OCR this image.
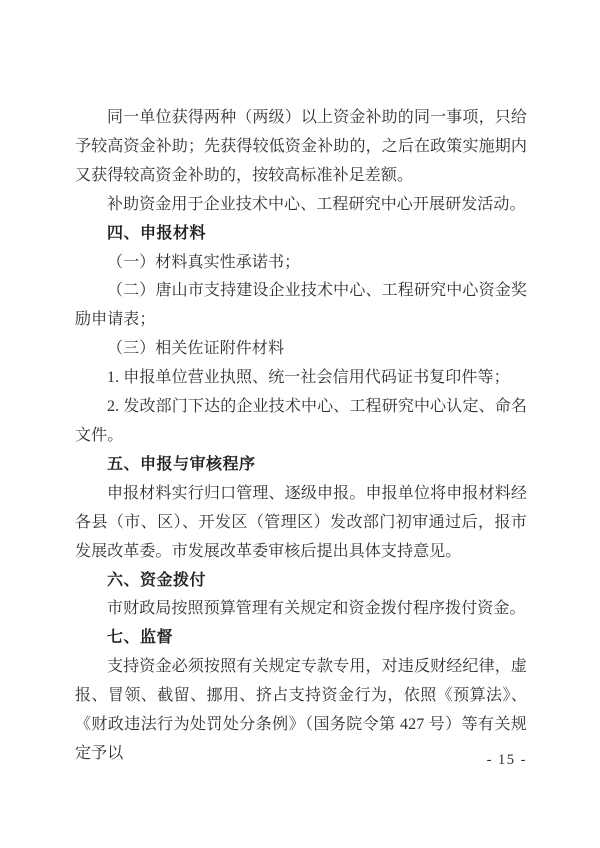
同一单位获得两种（两级）以上资金补助的同一事项，只给予较高资金补助；先获得较低资金补助的，之后在政策实施期内又获得较高资金补助的，按较高标准补足差额。

补助资金用于企业技术中心、工程研究中心开展研发活动。

四、申报材料

（一）材料真实性承诺书；

（二）唐山市支持建设企业技术中心、工程研究中心资金奖励申请表；

（三）相关佐证附件材料

1. 申报单位营业执照、统一社会信用代码证书复印件等；

2. 发改部门下达的企业技术中心、工程研究中心认定、命名文件。

五、申报与审核程序

申报材料实行归口管理、逐级申报。申报单位将申报材料经各县（市、区）、开发区（管理区）发改部门初审通过后，报市发展改革委。市发展改革委审核后提出具体支持意见。

六、资金拨付

市财政局按照预算管理有关规定和资金拨付程序拨付资金。

七、监督

支持资金必须按照有关规定专款专用，对违反财经纪律，虚报、冒领、截留、挪用、挤占支持资金行为，依照《预算法》、《财政违法行为处罚处分条例》（国务院令第 427 号）等有关规定予以	- 15 -
